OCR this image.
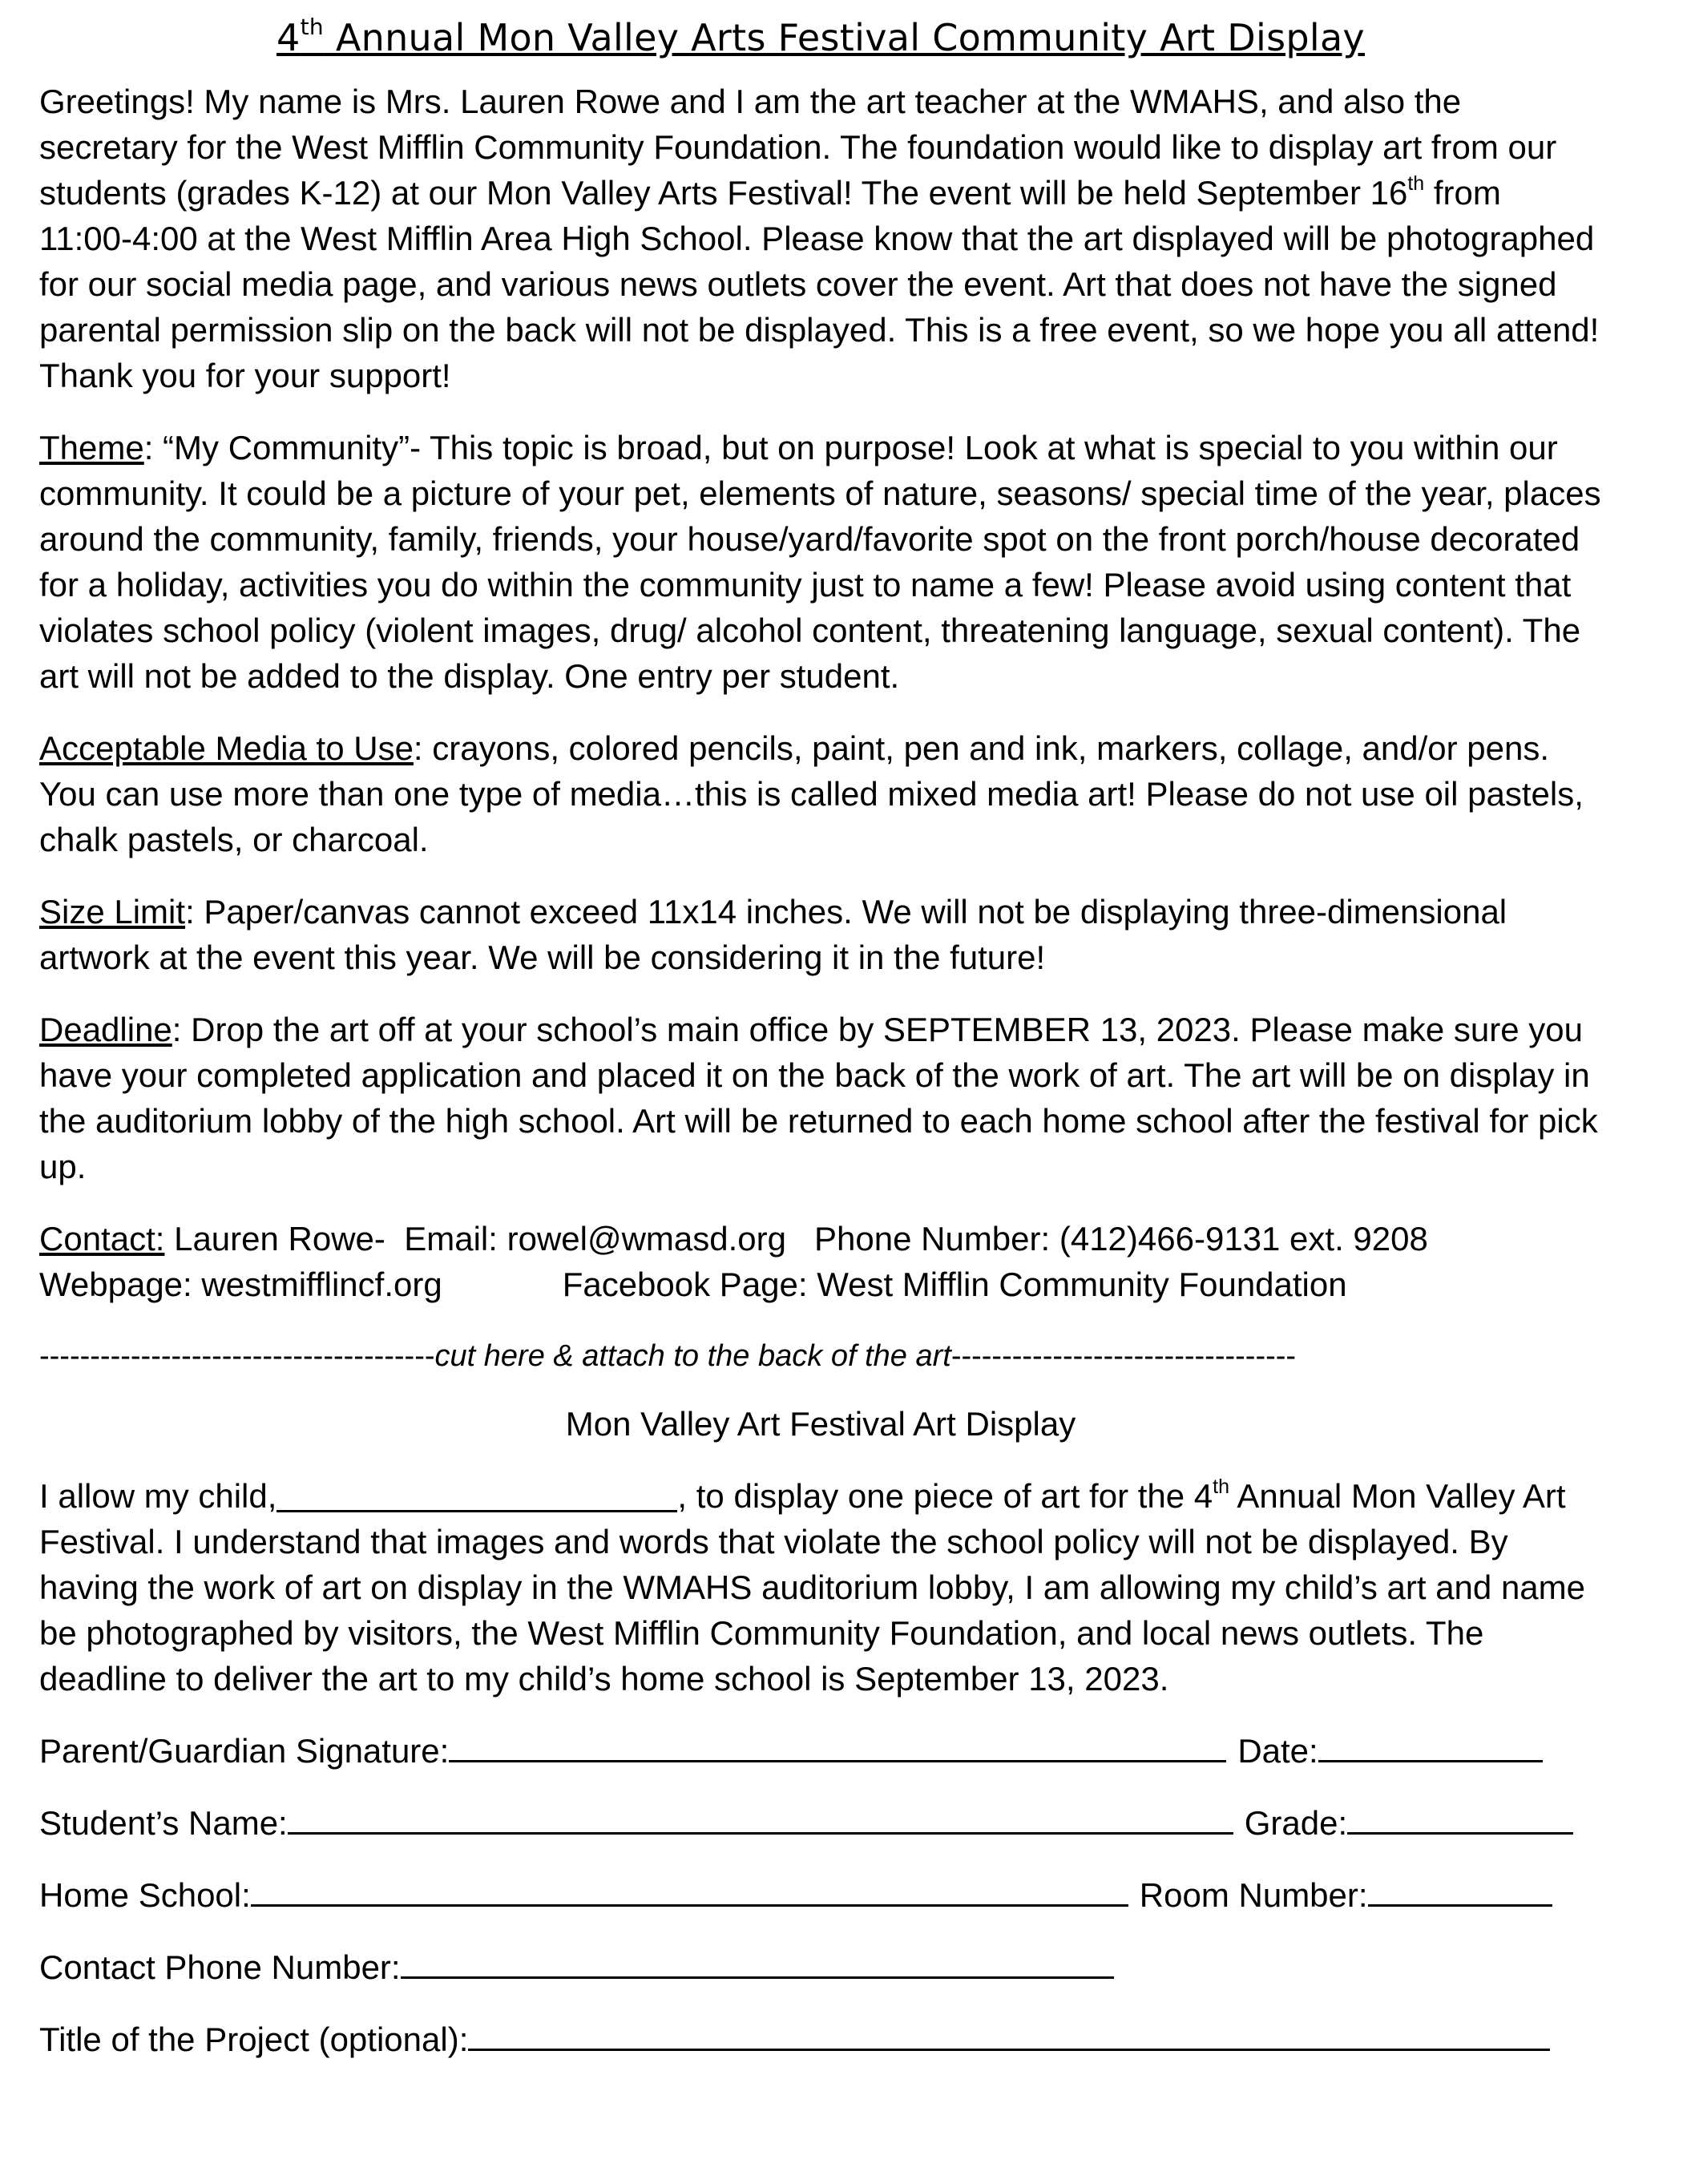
4th Annual Mon Valley Arts Festival Community Art Display

Greetings! My name is Mrs. Lauren Rowe and I am the art teacher at the WMAHS, and also the secretary for the West Mifflin Community Foundation. The foundation would like to display art from our students (grades K-12) at our Mon Valley Arts Festival! The event will be held September 16th from 11:00-4:00 at the West Mifflin Area High School. Please know that the art displayed will be photographed for our social media page, and various news outlets cover the event. Art that does not have the signed parental permission slip on the back will not be displayed. This is a free event, so we hope you all attend! Thank you for your support!

Theme: “My Community”- This topic is broad, but on purpose! Look at what is special to you within our community. It could be a picture of your pet, elements of nature, seasons/ special time of the year, places around the community, family, friends, your house/yard/favorite spot on the front porch/house decorated for a holiday, activities you do within the community just to name a few! Please avoid using content that violates school policy (violent images, drug/ alcohol content, threatening language, sexual content). The art will not be added to the display. One entry per student.

Acceptable Media to Use: crayons, colored pencils, paint, pen and ink, markers, collage, and/or pens. You can use more than one type of media…this is called mixed media art! Please do not use oil pastels, chalk pastels, or charcoal.

Size Limit: Paper/canvas cannot exceed 11x14 inches. We will not be displaying three-dimensional artwork at the event this year. We will be considering it in the future!

Deadline: Drop the art off at your school’s main office by SEPTEMBER 13, 2023. Please make sure you have your completed application and placed it on the back of the work of art. The art will be on display in the auditorium lobby of the high school. Art will be returned to each home school after the festival for pick up.

Contact: Lauren Rowe-  Email: rowel@wmasd.org   Phone Number: (412)466-9131 ext. 9208

Webpage: westmifflincf.org	Facebook Page: West Mifflin Community Foundation

---------------------------------------cut here & attach to the back of the art----------------------------------
Mon Valley Art Festival Art Display

I allow my child,	, to display one piece of art for the 4th Annual Mon Valley Art Festival. I understand that images and words that violate the school policy will not be displayed. By having the work of art on display in the WMAHS auditorium lobby, I am allowing my child’s art and name be photographed by visitors, the West Mifflin Community Foundation, and local news outlets. The deadline to deliver the art to my child’s home school is September 13, 2023.

Parent/Guardian Signature:	Date:
Student’s Name:	Grade:
Home School:	Room Number:
Contact Phone Number:
Title of the Project (optional):
